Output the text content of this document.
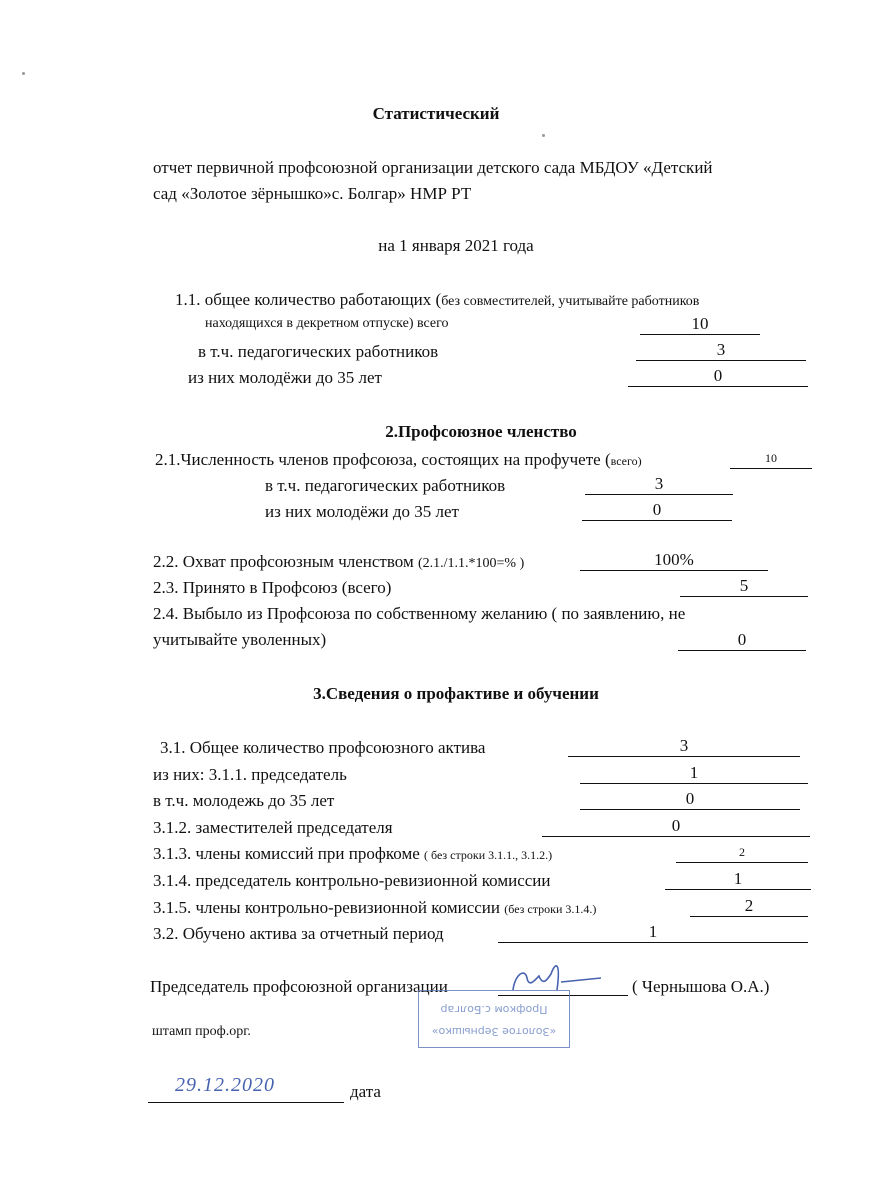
Статистический
отчет первичной профсоюзной организации детского сада МБДОУ «Детский
сад «Золотое зёрнышко»с. Болгар» НМР РТ
на 1 января 2021 года
1.1. общее количество работающих (без совместителей, учитывайте работников
находящихся в декретном отпуске) всего	10
в т.ч. педагогических работников	3
из них молодёжи до 35 лет	0
2.Профсоюзное членство
2.1.Численность членов профсоюза, состоящих на профучете (всего)	10
в т.ч. педагогических работников	3
из них молодёжи до 35 лет	0
2.2. Охват профсоюзным членством (2.1./1.1.*100=% )	100%
2.3. Принято в Профсоюз (всего)	5
2.4. Выбыло из Профсоюза по собственному желанию ( по заявлению, не
учитывайте уволенных)	0
3.Сведения о профактиве и обучении
3.1. Общее количество профсоюзного актива	3
из них: 3.1.1. председатель	1
в т.ч. молодежь до 35 лет	0
3.1.2. заместителей председателя	0
3.1.3. члены комиссий при профкоме ( без строки 3.1.1., 3.1.2.)	2
3.1.4. председатель контрольно-ревизионной комиссии	1
3.1.5. члены контрольно-ревизионной комиссии (без строки 3.1.4.)	2
3.2. Обучено актива за отчетный период	1
Председатель профсоюзной организации	( Чернышова О.А.)
«Золотое Зернышко»
Профком с.Болгар
штамп проф.орг.
29.12.2020	дата
